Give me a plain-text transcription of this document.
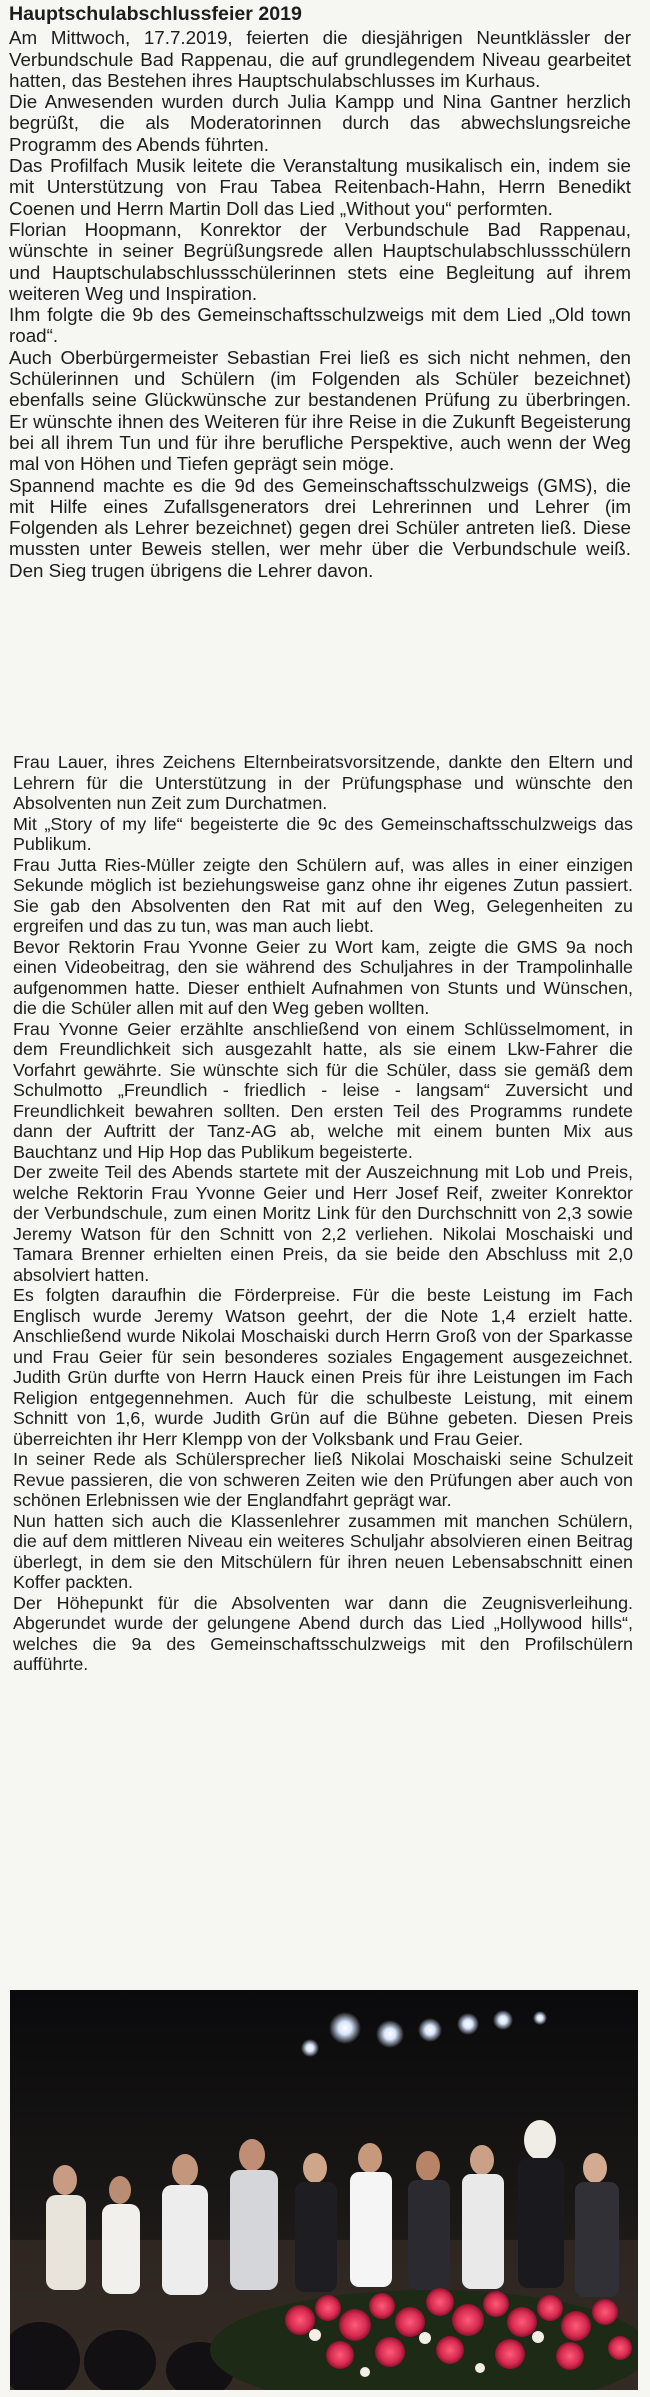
Hauptschulabschlussfeier 2019

Am Mittwoch, 17.7.2019, feierten die diesjährigen Neuntklässler der Verbundschule Bad Rappenau, die auf grundlegendem Niveau gearbeitet hatten, das Bestehen ihres Hauptschulabschlusses im Kurhaus.

Die Anwesenden wurden durch Julia Kampp und Nina Gantner herzlich begrüßt, die als Moderatorinnen durch das abwechslungsreiche Programm des Abends führten.

Das Profilfach Musik leitete die Veranstaltung musikalisch ein, indem sie mit Unterstützung von Frau Tabea Reitenbach-Hahn, Herrn Benedikt Coenen und Herrn Martin Doll das Lied „Without you“ performten.

Florian Hoopmann, Konrektor der Verbundschule Bad Rappenau, wünschte in seiner Begrüßungsrede allen Hauptschulabschlussschülern und Hauptschulabschlussschülerinnen stets eine Begleitung auf ihrem weiteren Weg und Inspiration.

Ihm folgte die 9b des Gemeinschaftsschulzweigs mit dem Lied „Old town road“.

Auch Oberbürgermeister Sebastian Frei ließ es sich nicht nehmen, den Schülerinnen und Schülern (im Folgenden als Schüler bezeichnet) ebenfalls seine Glückwünsche zur bestandenen Prüfung zu überbringen. Er wünschte ihnen des Weiteren für ihre Reise in die Zukunft Begeisterung bei all ihrem Tun und für ihre berufliche Perspektive, auch wenn der Weg mal von Höhen und Tiefen geprägt sein möge.

Spannend machte es die 9d des Gemeinschaftsschulzweigs (GMS), die mit Hilfe eines Zufallsgenerators drei Lehrerinnen und Lehrer (im Folgenden als Lehrer bezeichnet) gegen drei Schüler antreten ließ. Diese mussten unter Beweis stellen, wer mehr über die Verbundschule weiß. Den Sieg trugen übrigens die Lehrer davon.

Frau Lauer, ihres Zeichens Elternbeiratsvorsitzende, dankte den Eltern und Lehrern für die Unterstützung in der Prüfungsphase und wünschte den Absolventen nun Zeit zum Durchatmen.

Mit „Story of my life“ begeisterte die 9c des Gemeinschaftsschulzweigs das Publikum.

Frau Jutta Ries-Müller zeigte den Schülern auf, was alles in einer einzigen Sekunde möglich ist beziehungsweise ganz ohne ihr eigenes Zutun passiert. Sie gab den Absolventen den Rat mit auf den Weg, Gelegenheiten zu ergreifen und das zu tun, was man auch liebt.

Bevor Rektorin Frau Yvonne Geier zu Wort kam, zeigte die GMS 9a noch einen Videobeitrag, den sie während des Schuljahres in der Trampolinhalle aufgenommen hatte. Dieser enthielt Aufnahmen von Stunts und Wünschen, die die Schüler allen mit auf den Weg geben wollten.

Frau Yvonne Geier erzählte anschließend von einem Schlüsselmoment, in dem Freundlichkeit sich ausgezahlt hatte, als sie einem Lkw-Fahrer die Vorfahrt gewährte. Sie wünschte sich für die Schüler, dass sie gemäß dem Schulmotto „Freundlich - friedlich - leise - langsam“ Zuversicht und Freundlichkeit bewahren sollten. Den ersten Teil des Programms rundete dann der Auftritt der Tanz-AG ab, welche mit einem bunten Mix aus Bauchtanz und Hip Hop das Publikum begeisterte.

Der zweite Teil des Abends startete mit der Auszeichnung mit Lob und Preis, welche Rektorin Frau Yvonne Geier und Herr Josef Reif, zweiter Konrektor der Verbundschule, zum einen Moritz Link für den Durchschnitt von 2,3 sowie Jeremy Watson für den Schnitt von 2,2 verliehen. Nikolai Moschaiski und Tamara Brenner erhielten einen Preis, da sie beide den Abschluss mit 2,0 absolviert hatten.

Es folgten daraufhin die Förderpreise. Für die beste Leistung im Fach Englisch wurde Jeremy Watson geehrt, der die Note 1,4 erzielt hatte. Anschließend wurde Nikolai Moschaiski durch Herrn Groß von der Sparkasse und Frau Geier für sein besonderes soziales Engagement ausgezeichnet. Judith Grün durfte von Herrn Hauck einen Preis für ihre Leistungen im Fach Religion entgegennehmen. Auch für die schulbeste Leistung, mit einem Schnitt von 1,6, wurde Judith Grün auf die Bühne gebeten. Diesen Preis überreichten ihr Herr Klempp von der Volksbank und Frau Geier.

In seiner Rede als Schülersprecher ließ Nikolai Moschaiski seine Schulzeit Revue passieren, die von schweren Zeiten wie den Prüfungen aber auch von schönen Erlebnissen wie der Englandfahrt geprägt war.

Nun hatten sich auch die Klassenlehrer zusammen mit manchen Schülern, die auf dem mittleren Niveau ein weiteres Schuljahr absolvieren einen Beitrag überlegt, in dem sie den Mitschülern für ihren neuen Lebensabschnitt einen Koffer packten.

Der Höhepunkt für die Absolventen war dann die Zeugnisverleihung. Abgerundet wurde der gelungene Abend durch das Lied „Hollywood hills“, welches die 9a des Gemeinschaftsschulzweigs mit den Profilschülern aufführte.
